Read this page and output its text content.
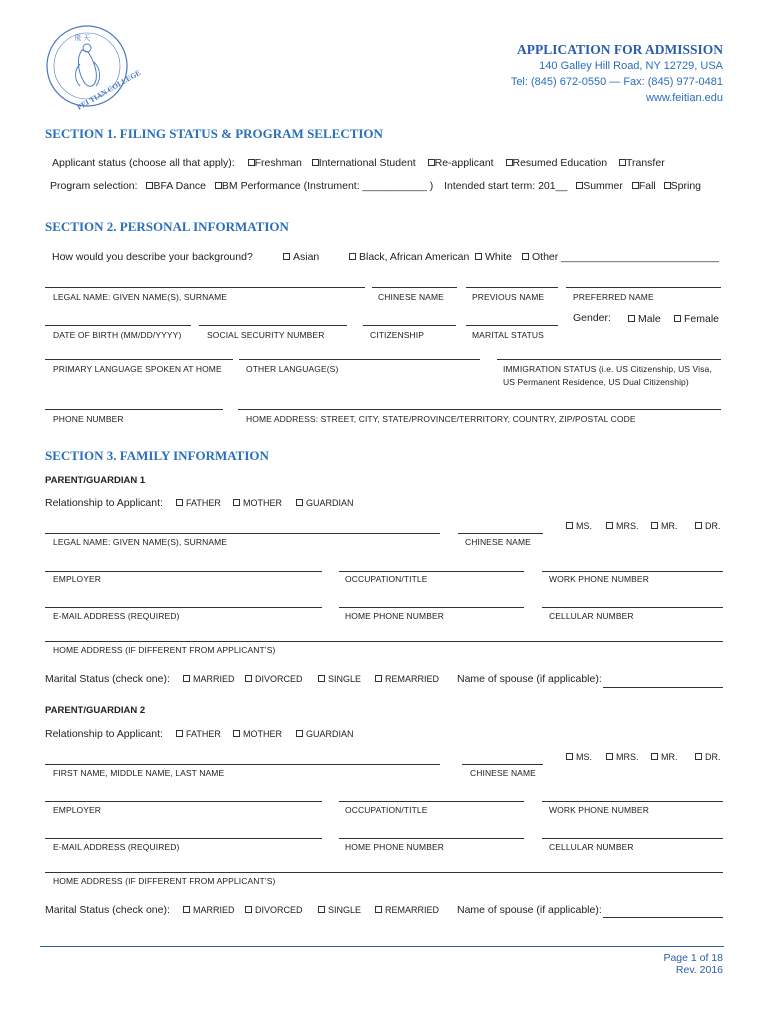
飛 天
FEI TIAN COLLEGE
APPLICATION FOR ADMISSION
140 Galley Hill Road, NY 12729, USA
Tel: (845) 672-0550 — Fax: (845) 977-0481
www.feitian.edu
SECTION 1. FILING STATUS & PROGRAM SELECTION
Applicant status (choose all that apply): Freshman International Student Re-applicant Resumed Education Transfer
Program selection: BFA Dance BM Performance (Instrument: ___________ ) Intended start term: 201__ Summer Fall Spring
SECTION 2. PERSONAL INFORMATION
How would you describe your background?	Asian	Black, African American	White	Other ___________________________
LEGAL NAME: GIVEN NAME(S), SURNAME	CHINESE NAME	PREVIOUS NAME	PREFERRED NAME
Gender:	Male	Female
DATE OF BIRTH (MM/DD/YYYY)	SOCIAL SECURITY NUMBER	CITIZENSHIP	MARITAL STATUS
PRIMARY LANGUAGE SPOKEN AT HOME	OTHER LANGUAGE(S)	IMMIGRATION STATUS (i.e. US Citizenship, US Visa,
US Permanent Residence, US Dual Citizenship)
PHONE NUMBER	HOME ADDRESS: STREET, CITY, STATE/PROVINCE/TERRITORY, COUNTRY, ZIP/POSTAL CODE
SECTION 3. FAMILY INFORMATION
PARENT/GUARDIAN 1
Relationship to Applicant:	FATHER	MOTHER	GUARDIAN
MS.	MRS.	MR.	DR.
LEGAL NAME: GIVEN NAME(S), SURNAME	CHINESE NAME
EMPLOYER	OCCUPATION/TITLE	WORK PHONE NUMBER
E-MAIL ADDRESS (REQUIRED)	HOME PHONE NUMBER	CELLULAR NUMBER
HOME ADDRESS (IF DIFFERENT FROM APPLICANT’S)
Marital Status (check one):	MARRIED	DIVORCED	SINGLE	REMARRIED Name of spouse (if applicable):
PARENT/GUARDIAN 2
Relationship to Applicant:	FATHER	MOTHER	GUARDIAN
MS.	MRS.	MR.	DR.
FIRST NAME, MIDDLE NAME, LAST NAME	CHINESE NAME
EMPLOYER	OCCUPATION/TITLE	WORK PHONE NUMBER
E-MAIL ADDRESS (REQUIRED)	HOME PHONE NUMBER	CELLULAR NUMBER
HOME ADDRESS (IF DIFFERENT FROM APPLICANT’S)
Marital Status (check one):	MARRIED	DIVORCED	SINGLE	REMARRIED Name of spouse (if applicable):
Page 1 of 18
Rev. 2016
